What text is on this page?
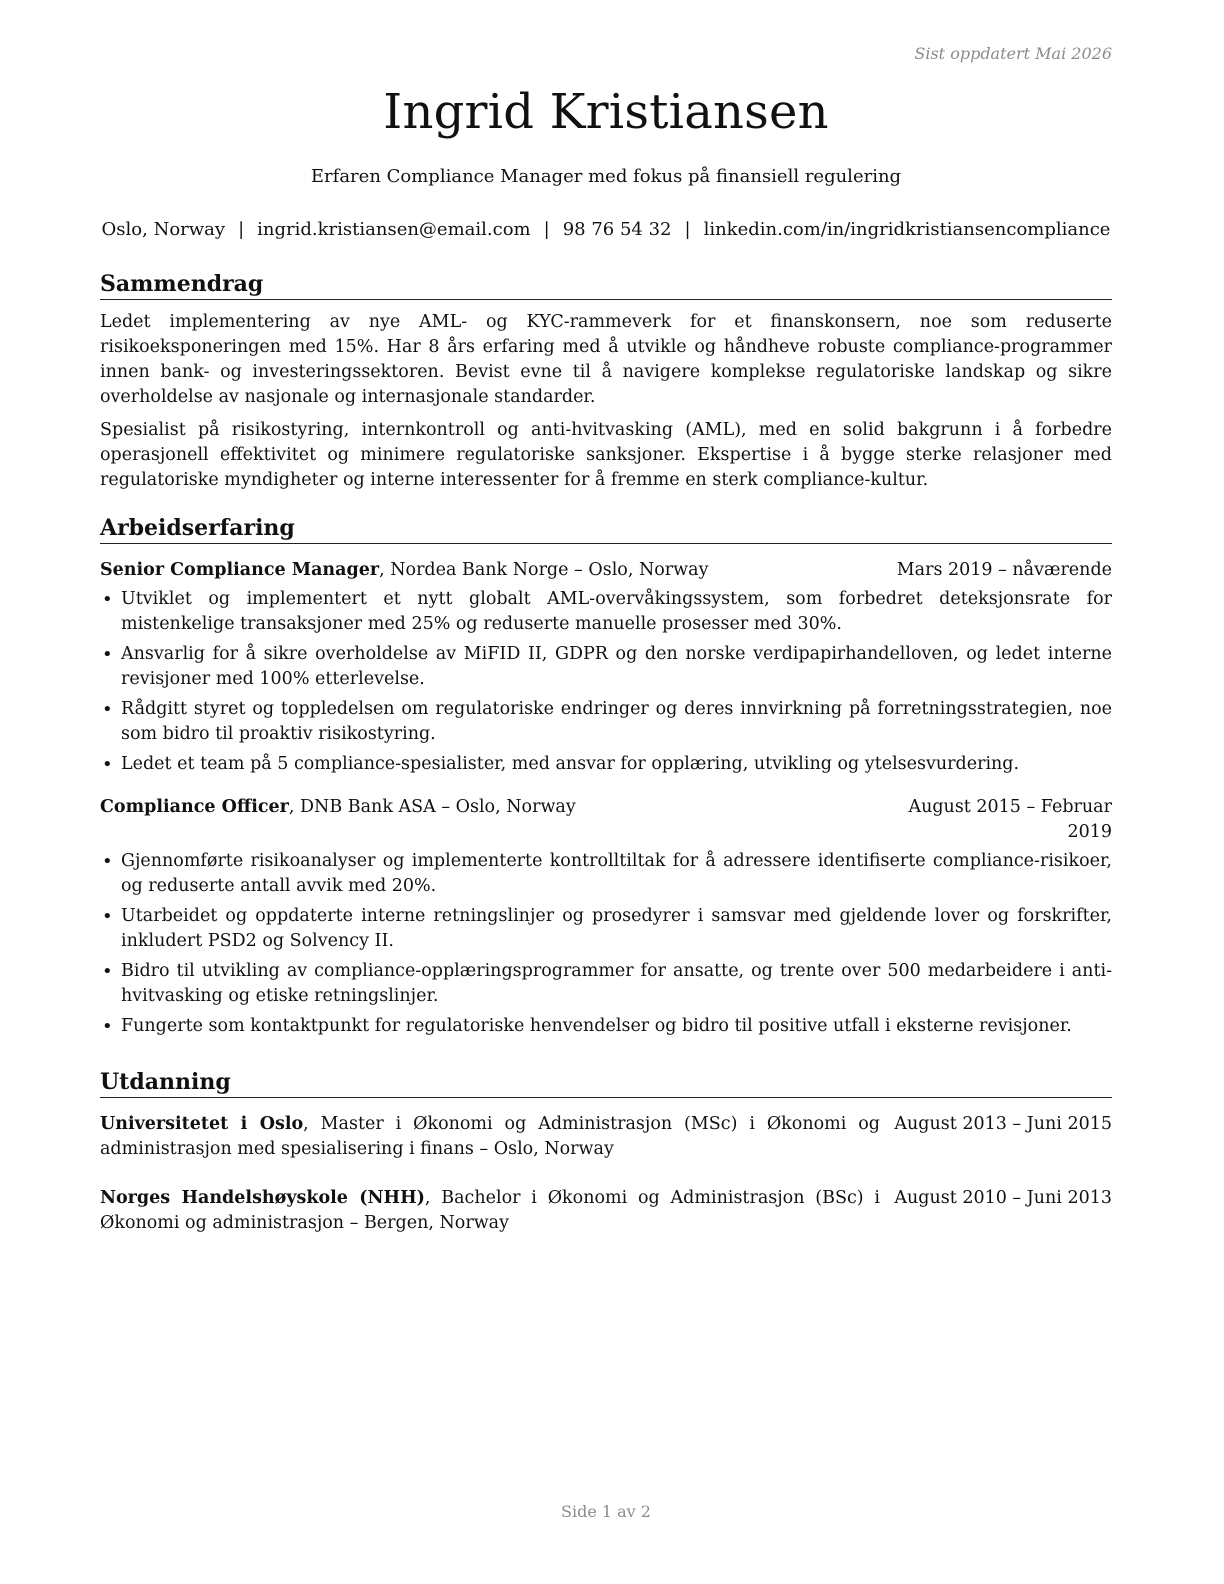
Sist oppdatert Mai 2026
Ingrid Kristiansen
Erfaren Compliance Manager med fokus på finansiell regulering
Oslo, Norway | ingrid.kristiansen@email.com | 98 76 54 32 | linkedin.com/in/ingridkristiansencompliance
Sammendrag

Ledet implementering av nye AML- og KYC-rammeverk for et finanskonsern, noe som reduserte risikoeksponeringen med 15%. Har 8 års erfaring med å utvikle og håndheve robuste compliance-programmer innen bank- og investeringssektoren. Bevist evne til å navigere komplekse regulatoriske landskap og sikre overholdelse av nasjonale og internasjonale standarder.

Spesialist på risikostyring, internkontroll og anti-hvitvasking (AML), med en solid bakgrunn i å forbedre operasjonell effektivitet og minimere regulatoriske sanksjoner. Ekspertise i å bygge sterke relasjoner med regulatoriske myndigheter og interne interessenter for å fremme en sterk compliance-kultur.

Arbeidserfaring
Senior Compliance Manager, Nordea Bank Norge – Oslo, Norway	Mars 2019 – nåværende
• Utviklet og implementert et nytt globalt AML-overvåkingssystem, som forbedret deteksjonsrate for mistenkelige transaksjoner med 25% og reduserte manuelle prosesser med 30%.
• Ansvarlig for å sikre overholdelse av MiFID II, GDPR og den norske verdipapirhandelloven, og ledet interne revisjoner med 100% etterlevelse.
• Rådgitt styret og toppledelsen om regulatoriske endringer og deres innvirkning på forretningsstrategien, noe som bidro til proaktiv risikostyring.
• Ledet et team på 5 compliance-spesialister, med ansvar for opplæring, utvikling og ytelsesvurdering.
Compliance Officer, DNB Bank ASA – Oslo, Norway	August 2015 – Februar
2019
• Gjennomførte risikoanalyser og implementerte kontrolltiltak for å adressere identifiserte compliance-risikoer, og reduserte antall avvik med 20%.
• Utarbeidet og oppdaterte interne retningslinjer og prosedyrer i samsvar med gjeldende lover og forskrifter, inkludert PSD2 og Solvency II.
• Bidro til utvikling av compliance-opplæringsprogrammer for ansatte, og trente over 500 medarbeidere i anti-hvitvasking og etiske retningslinjer.
• Fungerte som kontaktpunkt for regulatoriske henvendelser og bidro til positive utfall i eksterne revisjoner.
Utdanning
Universitetet i Oslo, Master i Økonomi og Administrasjon (MSc) i Økonomi og administrasjon med spesialisering i finans – Oslo, Norway
August 2013 – Juni 2015
Norges Handelshøyskole (NHH), Bachelor i Økonomi og Administrasjon (BSc) i Økonomi og administrasjon – Bergen, Norway
August 2010 – Juni 2013
Side 1 av 2
